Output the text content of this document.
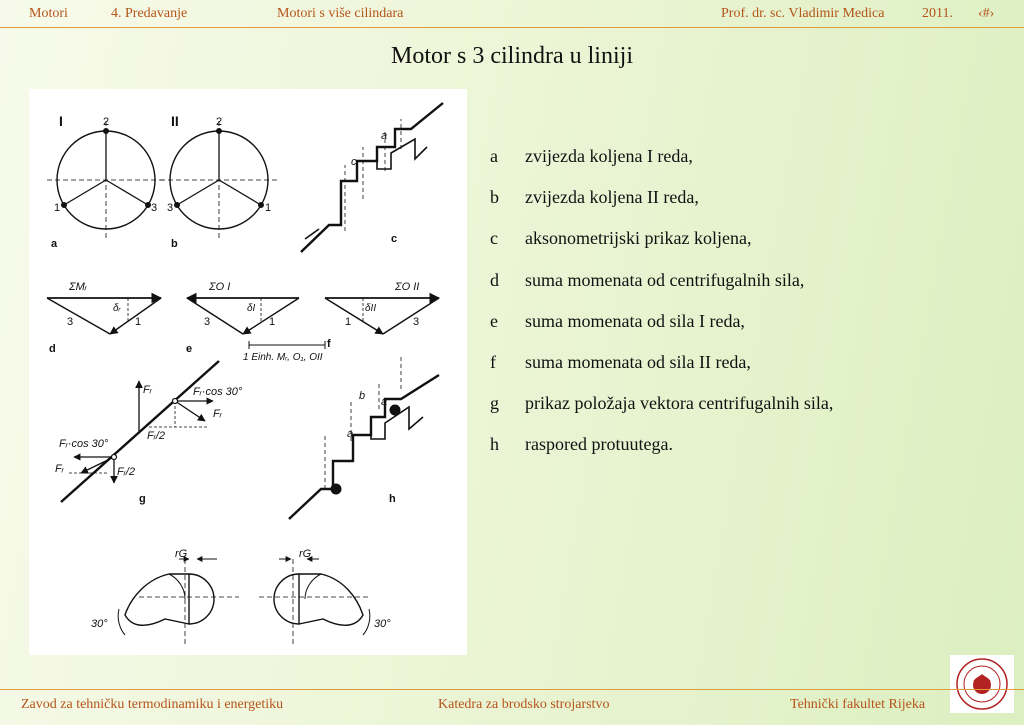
Motori	4. Predavanje	Motori s više cilindara	Prof. dr. sc. Vladimir Medica	2011. ‹#›
Motor s 3 cilindra u liniji
I	2
1	3
a
II	2
3	1
b
c
a
c
ΣMᵣ
δᵣ
3	1
d
ΣO I
δI
3	1
e
ΣO II
δII
1	3
f
1 Einh. Mᵣ, O₁, OII
Fᵣ	Fᵣ·cos 30°
Fᵣ
Fᵣ/2
Fᵣ·cos 30°
Fᵣ	Fᵣ/2
g
a
b a
h
rG
30°
rG
30°
a zvijezda koljena I reda,
b zvijezda koljena II reda,
c aksonometrijski prikaz koljena,
d suma momenata od centrifugalnih sila,
e suma momenata od sila I reda,
f suma momenata od sila II reda,
g prikaz položaja vektora centrifugalnih sila,
h raspored protuutega.
Zavod za tehničku termodinamiku i energetiku	Katedra za brodsko strojarstvo	Tehnički fakultet Rijeka
